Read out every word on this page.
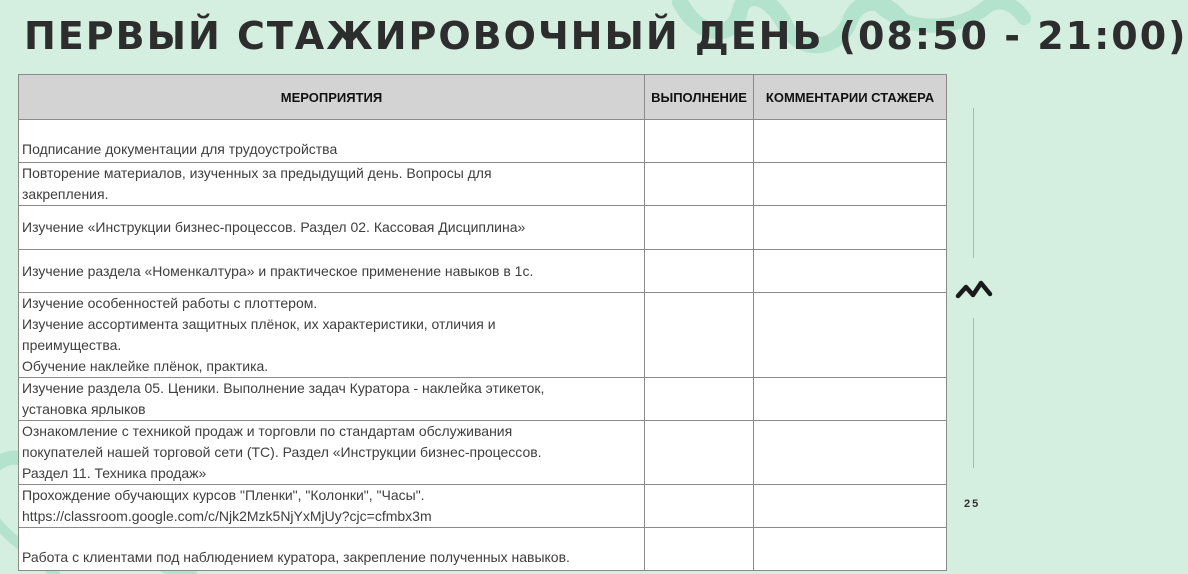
ПЕРВЫЙ СТАЖИРОВОЧНЫЙ ДЕНЬ (08:50 - 21:00)
МЕРОПРИЯТИЯ	ВЫПОЛНЕНИЕ	КОММЕНТАРИИ СТАЖЕРА

Подписание документации для трудоустройства		

Повторение материалов, изученных за предыдущий день. Вопросы для
закрепления.		

Изучение «Инструкции бизнес-процессов. Раздел 02. Кассовая Дисциплина»		

Изучение раздела «Номенкалтура» и практическое применение навыков в 1с.		

Изучение особенностей работы с плоттером.
Изучение ассортимента защитных плёнок, их характеристики, отличия и
преимущества.
Обучение наклейке плёнок, практика.		

Изучение раздела 05. Ценики. Выполнение задач Куратора - наклейка этикеток,
установка ярлыков		

Ознакомление с техникой продаж и торговли по стандартам обслуживания
покупателей нашей торговой сети (ТС). Раздел «Инструкции бизнес-процессов.
Раздел 11. Техника продаж»		

Прохождение обучающих курсов "Пленки", "Колонки", "Часы".
https://classroom.google.com/c/Njk2Mzk5NjYxMjUy?cjc=cfmbx3m		

Работа с клиентами под наблюдением куратора, закрепление полученных навыков.		

25
